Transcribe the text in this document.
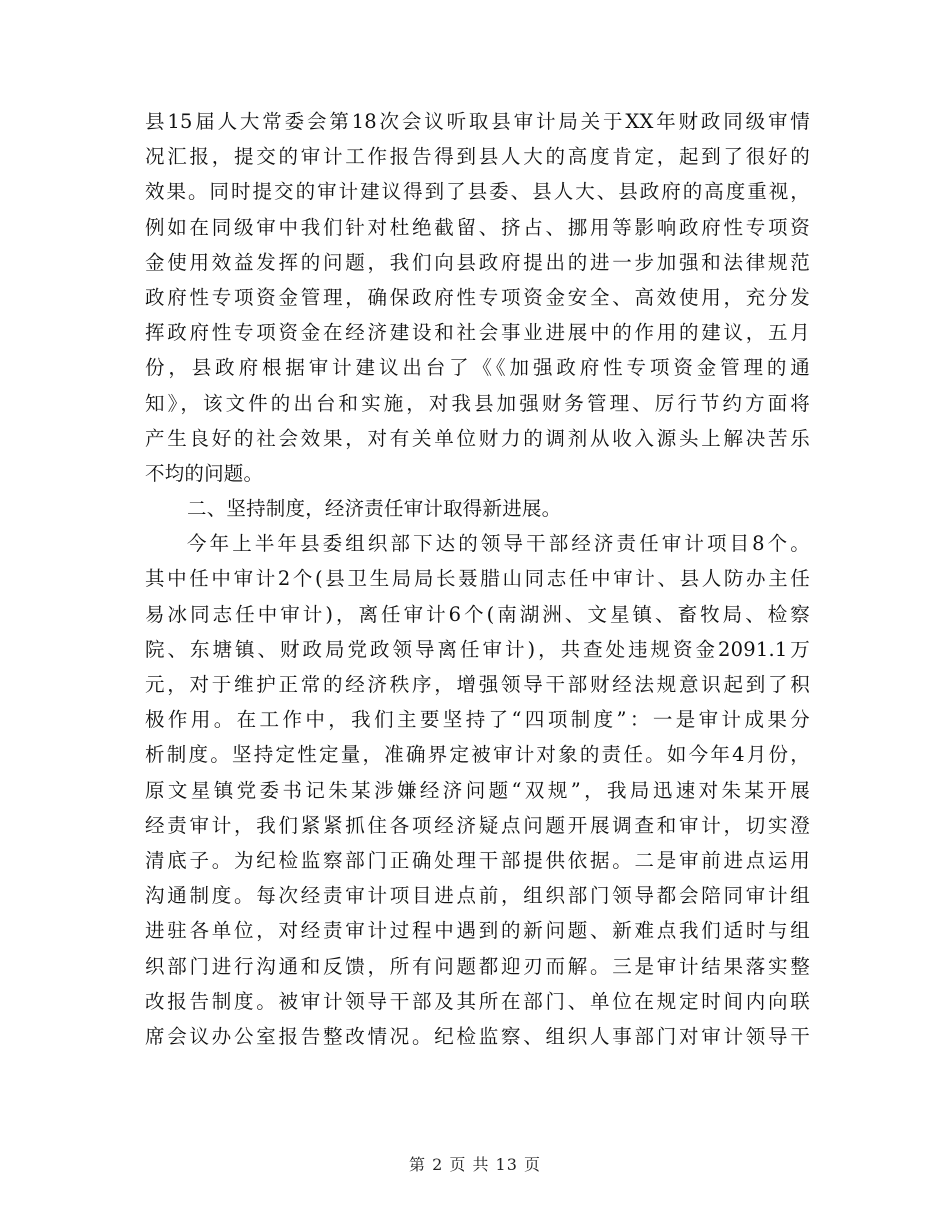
县15届人大常委会第18次会议听取县审计局关于XX年财政同级审情
况汇报，提交的审计工作报告得到县人大的高度肯定，起到了很好的
效果。同时提交的审计建议得到了县委、县人大、县政府的高度重视，
例如在同级审中我们针对杜绝截留、挤占、挪用等影响政府性专项资
金使用效益发挥的问题，我们向县政府提出的进一步加强和法律规范
政府性专项资金管理，确保政府性专项资金安全、高效使用，充分发
挥政府性专项资金在经济建设和社会事业进展中的作用的建议，五月
份，县政府根据审计建议出台了《《加强政府性专项资金管理的通
知》，该文件的出台和实施，对我县加强财务管理、厉行节约方面将
产生良好的社会效果，对有关单位财力的调剂从收入源头上解决苦乐
不均的问题。
二、坚持制度，经济责任审计取得新进展。
今年上半年县委组织部下达的领导干部经济责任审计项目8个。
其中任中审计2个(县卫生局局长聂腊山同志任中审计、县人防办主任
易冰同志任中审计)，离任审计6个(南湖洲、文星镇、畜牧局、检察
院、东塘镇、财政局党政领导离任审计)，共查处违规资金2091.1万
元，对于维护正常的经济秩序，增强领导干部财经法规意识起到了积
极作用。在工作中，我们主要坚持了“四项制度”：一是审计成果分
析制度。坚持定性定量，准确界定被审计对象的责任。如今年4月份，
原文星镇党委书记朱某涉嫌经济问题“双规”，我局迅速对朱某开展
经责审计，我们紧紧抓住各项经济疑点问题开展调查和审计，切实澄
清底子。为纪检监察部门正确处理干部提供依据。二是审前进点运用
沟通制度。每次经责审计项目进点前，组织部门领导都会陪同审计组
进驻各单位，对经责审计过程中遇到的新问题、新难点我们适时与组
织部门进行沟通和反馈，所有问题都迎刃而解。三是审计结果落实整
改报告制度。被审计领导干部及其所在部门、单位在规定时间内向联
席会议办公室报告整改情况。纪检监察、组织人事部门对审计领导干
第 2 页 共 13 页
